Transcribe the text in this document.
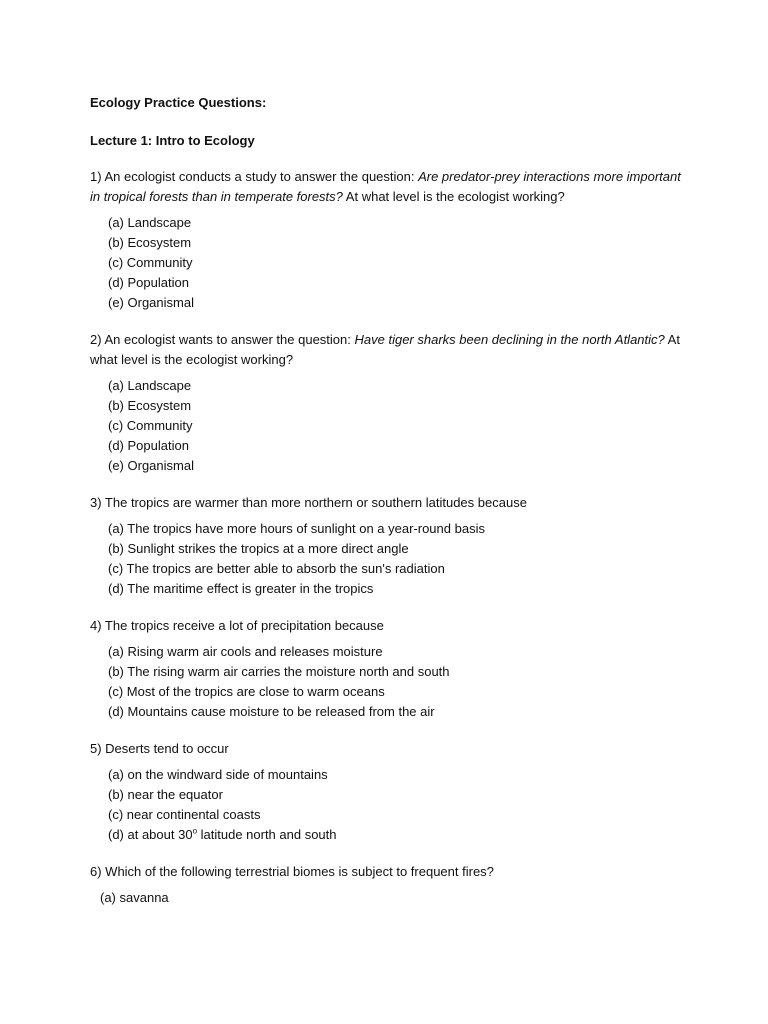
Ecology Practice Questions:
Lecture 1: Intro to Ecology

1) An ecologist conducts a study to answer the question: Are predator-prey interactions more important in tropical forests than in temperate forests? At what level is the ecologist working?

(a) Landscape
(b) Ecosystem
(c) Community
(d) Population
(e) Organismal

2) An ecologist wants to answer the question: Have tiger sharks been declining in the north Atlantic? At what level is the ecologist working?

(a) Landscape
(b) Ecosystem
(c) Community
(d) Population
(e) Organismal

3) The tropics are warmer than more northern or southern latitudes because

(a) The tropics have more hours of sunlight on a year-round basis
(b) Sunlight strikes the tropics at a more direct angle
(c) The tropics are better able to absorb the sun's radiation
(d) The maritime effect is greater in the tropics

4) The tropics receive a lot of precipitation because

(a) Rising warm air cools and releases moisture
(b) The rising warm air carries the moisture north and south
(c) Most of the tropics are close to warm oceans
(d) Mountains cause moisture to be released from the air

5) Deserts tend to occur

(a) on the windward side of mountains
(b) near the equator
(c) near continental coasts
(d) at about 30$^o$ latitude north and south

6) Which of the following terrestrial biomes is subject to frequent fires?

(a) savanna
